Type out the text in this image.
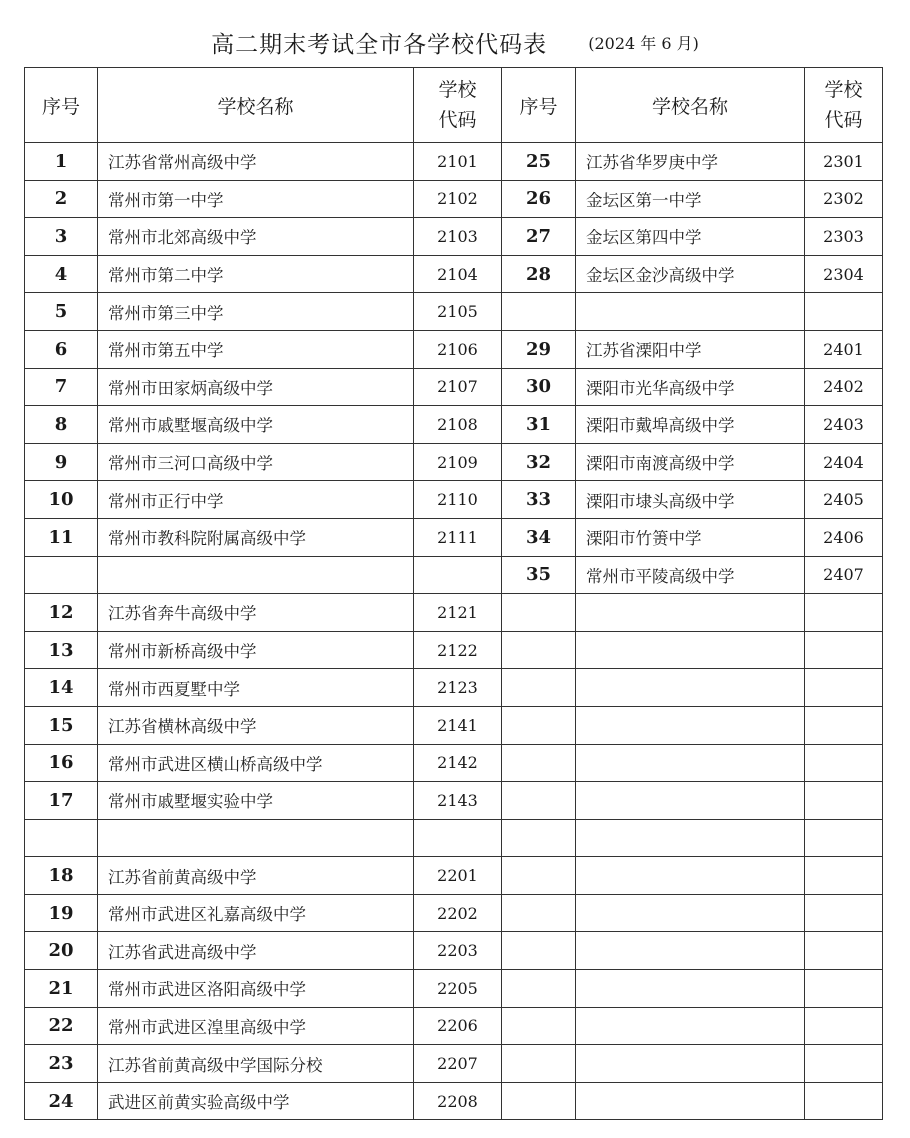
高二期末考试全市各学校代码表	(2024 年 6 月)
序号	学校名称	学校
代码	序号	学校名称	学校
代码
1	江苏省常州高级中学	2101	25	江苏省华罗庚中学	2301
2	常州市第一中学	2102	26	金坛区第一中学	2302
3	常州市北郊高级中学	2103	27	金坛区第四中学	2303
4	常州市第二中学	2104	28	金坛区金沙高级中学	2304
5	常州市第三中学	2105			
6	常州市第五中学	2106	29	江苏省溧阳中学	2401
7	常州市田家炳高级中学	2107	30	溧阳市光华高级中学	2402
8	常州市戚墅堰高级中学	2108	31	溧阳市戴埠高级中学	2403
9	常州市三河口高级中学	2109	32	溧阳市南渡高级中学	2404
10	常州市正行中学	2110	33	溧阳市埭头高级中学	2405
11	常州市教科院附属高级中学	2111	34	溧阳市竹箦中学	2406
			35	常州市平陵高级中学	2407
12	江苏省奔牛高级中学	2121			
13	常州市新桥高级中学	2122			
14	常州市西夏墅中学	2123			
15	江苏省横林高级中学	2141			
16	常州市武进区横山桥高级中学	2142			
17	常州市戚墅堰实验中学	2143			

18	江苏省前黄高级中学	2201			
19	常州市武进区礼嘉高级中学	2202			
20	江苏省武进高级中学	2203			
21	常州市武进区洛阳高级中学	2205			
22	常州市武进区湟里高级中学	2206			
23	江苏省前黄高级中学国际分校	2207			
24	武进区前黄实验高级中学	2208			
